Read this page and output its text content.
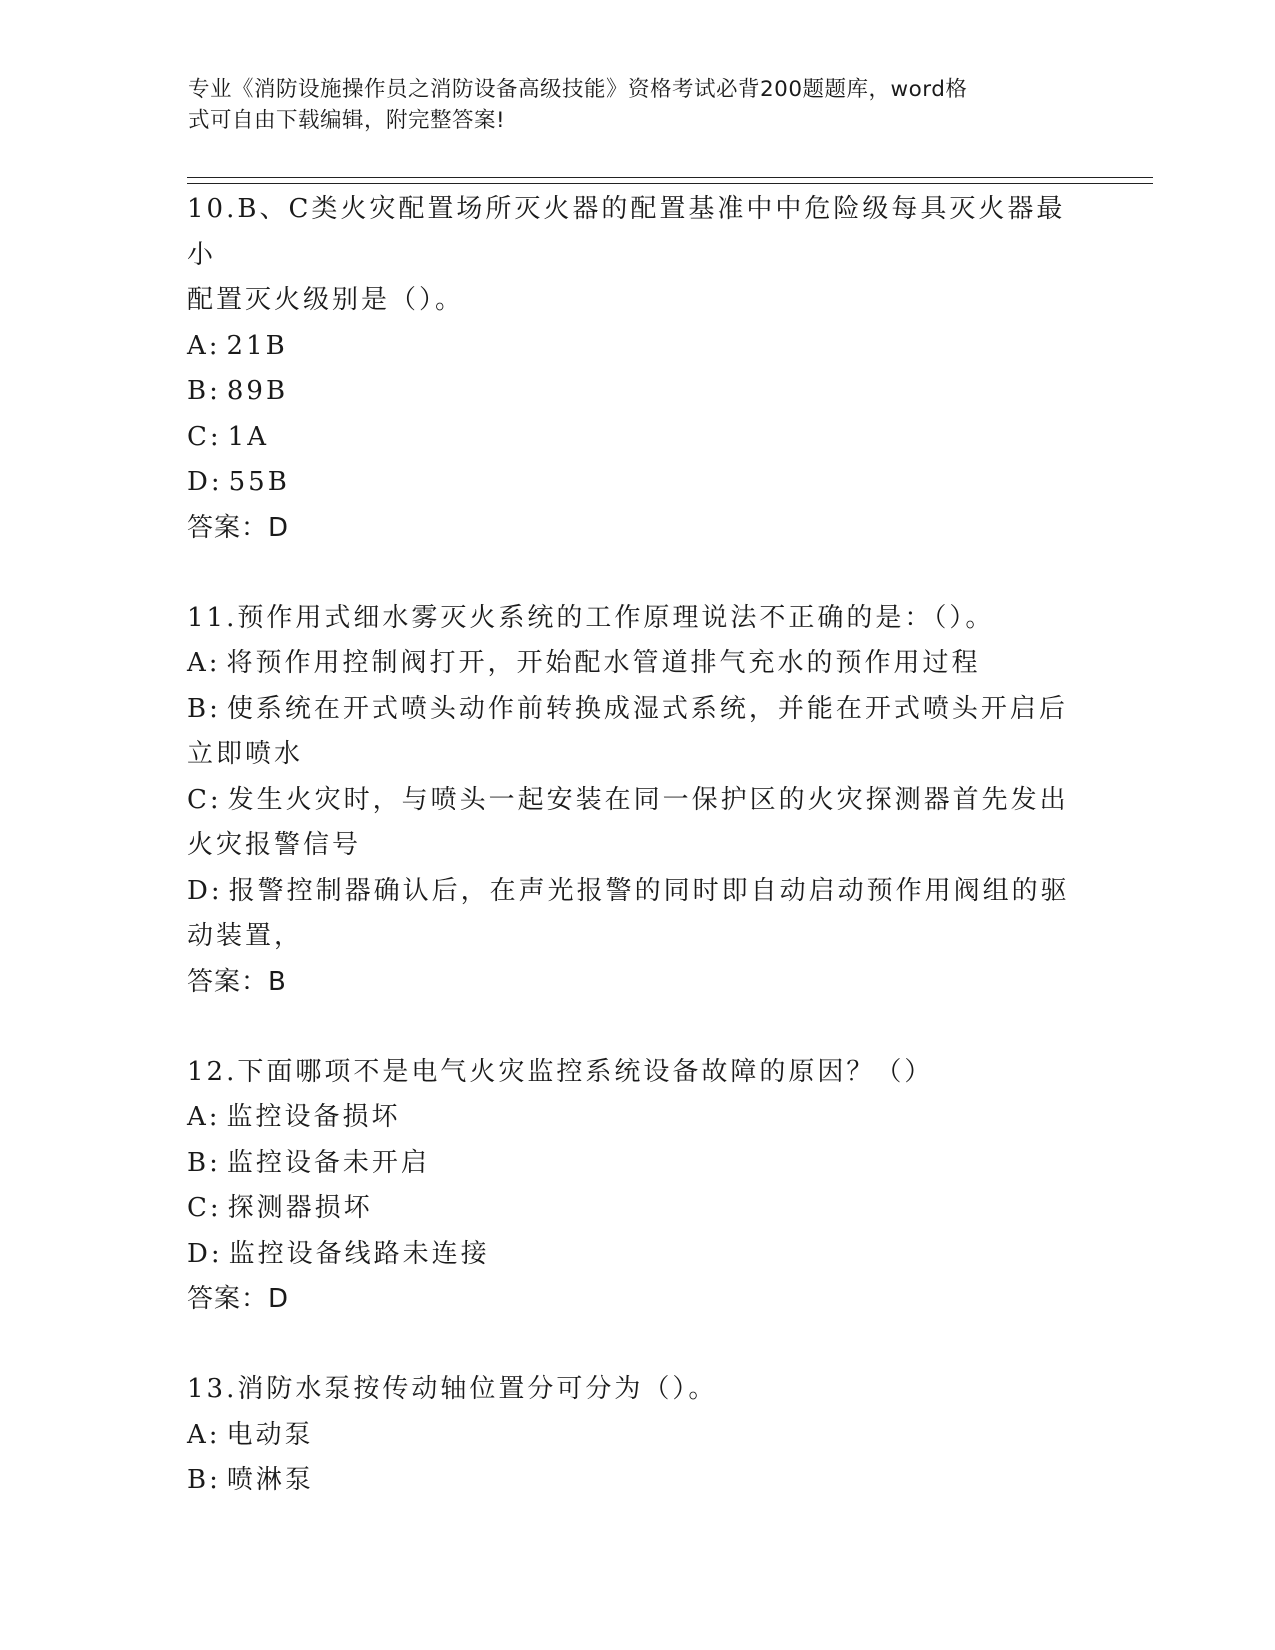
专业《消防设施操作员之消防设备高级技能》资格考试必背200题题库，word格
式可自由下载编辑，附完整答案!

10.B、C类火灾配置场所灭火器的配置基准中中危险级每具灭火器最小

配置灭火级别是（）。

A: 21B

B: 89B

C: 1A

D: 55B

答案：D

11.预作用式细水雾灭火系统的工作原理说法不正确的是：（）。

A: 将预作用控制阀打开，开始配水管道排气充水的预作用过程

B: 使系统在开式喷头动作前转换成湿式系统，并能在开式喷头开启后

立即喷水

C: 发生火灾时，与喷头一起安装在同一保护区的火灾探测器首先发出

火灾报警信号

D: 报警控制器确认后，在声光报警的同时即自动启动预作用阀组的驱

动装置，

答案：B

12.下面哪项不是电气火灾监控系统设备故障的原因？（）

A: 监控设备损坏

B: 监控设备未开启

C: 探测器损坏

D: 监控设备线路未连接

答案：D

13.消防水泵按传动轴位置分可分为（）。

A: 电动泵

B: 喷淋泵
